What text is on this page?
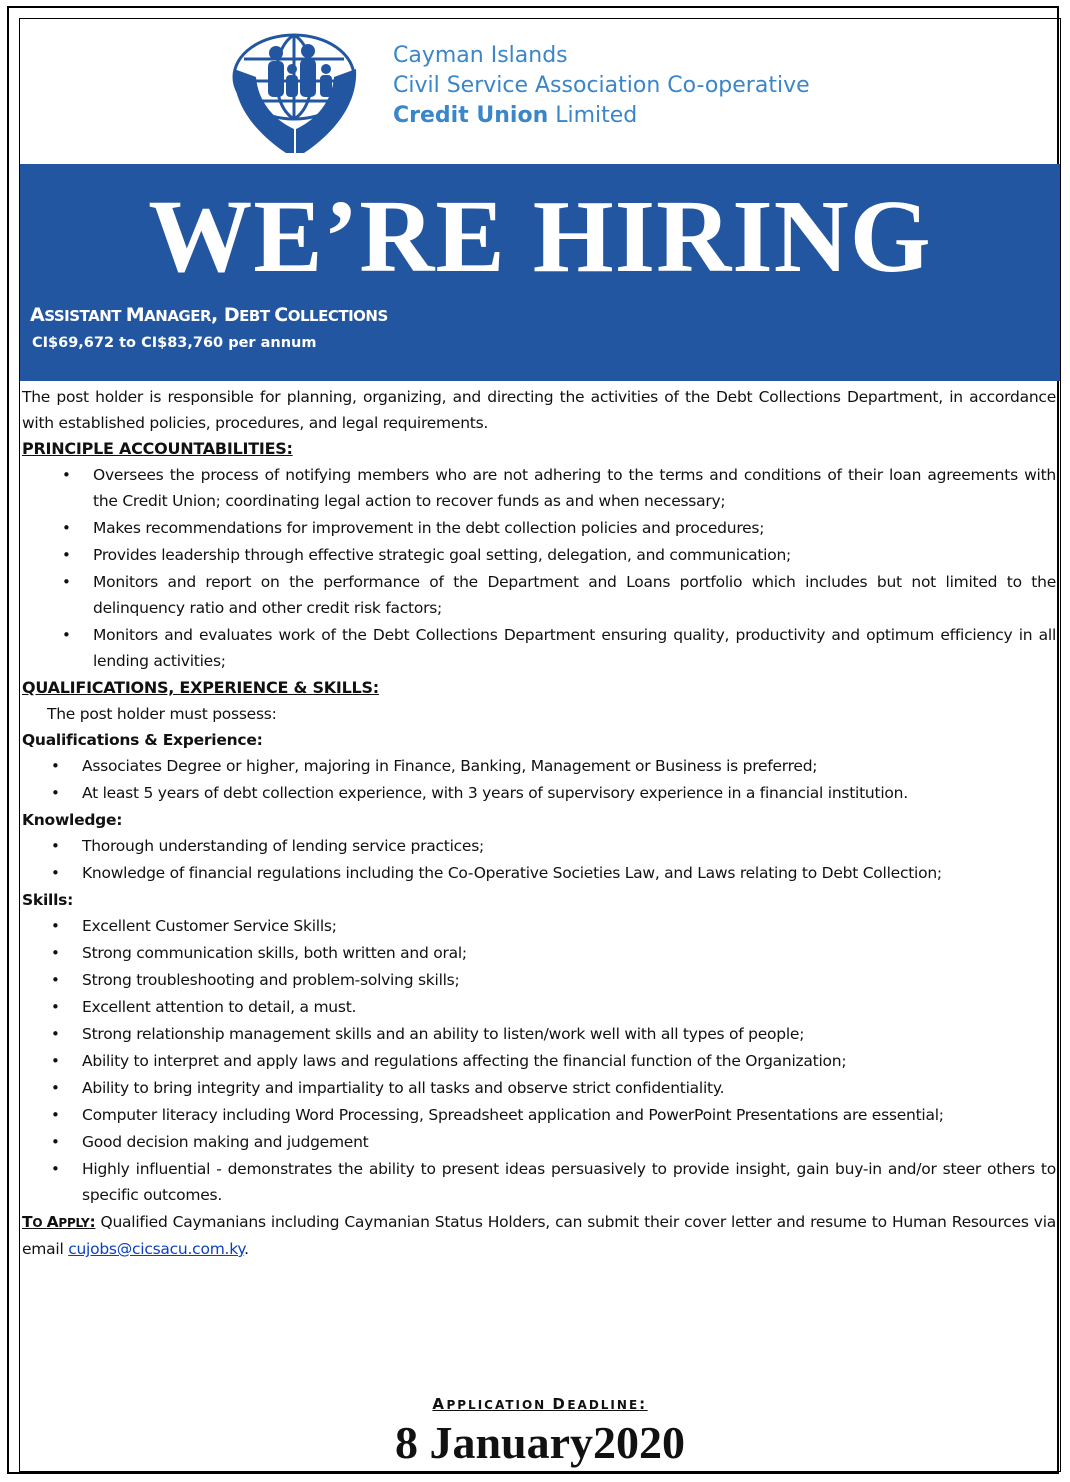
Cayman Islands
Civil Service Association Co-operative
Credit Union Limited
WE’RE HIRING
ASSISTANT MANAGER, DEBT COLLECTIONS
CI$69,672 to CI$83,760 per annum

The post holder is responsible for planning, organizing, and directing the activities of the Debt Collections Department, in accordance with established policies, procedures, and legal requirements.

PRINCIPLE ACCOUNTABILITIES:

• Oversees the process of notifying members who are not adhering to the terms and conditions of their loan agreements with the Credit Union; coordinating legal action to recover funds as and when necessary;
• Makes recommendations for improvement in the debt collection policies and procedures;
• Provides leadership through effective strategic goal setting, delegation, and communication;
• Monitors and report on the performance of the Department and Loans portfolio which includes but not limited to the delinquency ratio and other credit risk factors;
• Monitors and evaluates work of the Debt Collections Department ensuring quality, productivity and optimum efficiency in all lending activities;

QUALIFICATIONS, EXPERIENCE & SKILLS:

The post holder must possess:

Qualifications & Experience:

• Associates Degree or higher, majoring in Finance, Banking, Management or Business is preferred;
• At least 5 years of debt collection experience, with 3 years of supervisory experience in a financial institution.

Knowledge:

• Thorough understanding of lending service practices;
• Knowledge of financial regulations including the Co-Operative Societies Law, and Laws relating to Debt Collection;

Skills:

• Excellent Customer Service Skills;
• Strong communication skills, both written and oral;
• Strong troubleshooting and problem-solving skills;
• Excellent attention to detail, a must.
• Strong relationship management skills and an ability to listen/work well with all types of people;
• Ability to interpret and apply laws and regulations affecting the financial function of the Organization;
• Ability to bring integrity and impartiality to all tasks and observe strict confidentiality.
• Computer literacy including Word Processing, Spreadsheet application and PowerPoint Presentations are essential;
• Good decision making and judgement
• Highly influential - demonstrates the ability to present ideas persuasively to provide insight, gain buy-in and/or steer others to specific outcomes.

TO APPLY: Qualified Caymanians including Caymanian Status Holders, can submit their cover letter and resume to Human Resources via email cujobs@cicsacu.com.ky.

APPLICATION DEADLINE:
8 January2020
